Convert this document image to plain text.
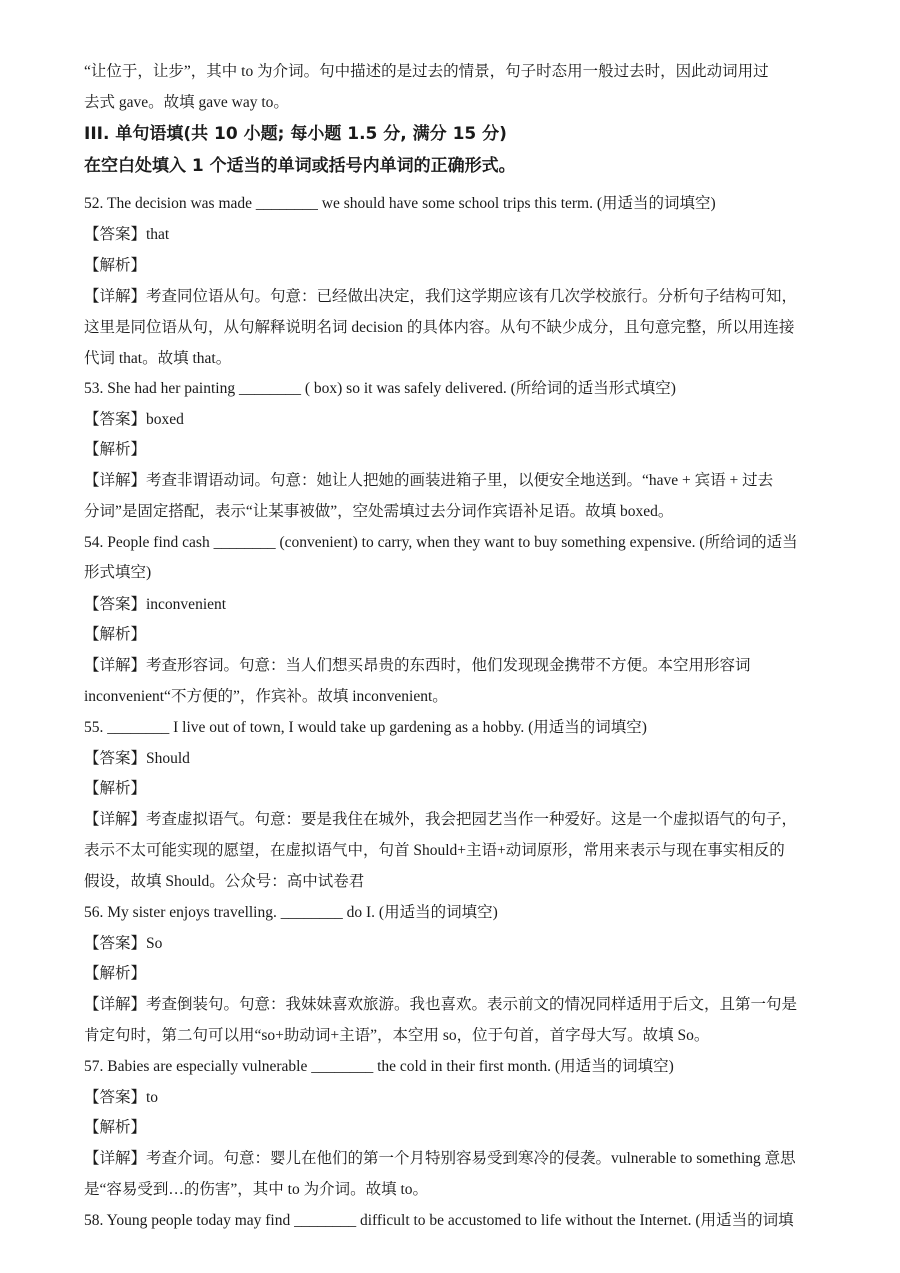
“让位于，让步”，其中 to 为介词。句中描述的是过去的情景，句子时态用一般过去时，因此动词用过
去式 gave。故填 gave way to。
III. 单句语填(共 10 小题; 每小题 1.5 分, 满分 15 分)
在空白处填入 1 个适当的单词或括号内单词的正确形式。
52. The decision was made ________ we should have some school trips this term. (用适当的词填空)
【答案】that
【解析】
【详解】考查同位语从句。句意：已经做出决定，我们这学期应该有几次学校旅行。分析句子结构可知，
这里是同位语从句，从句解释说明名词 decision 的具体内容。从句不缺少成分，且句意完整，所以用连接
代词 that。故填 that。
53. She had her painting ________ ( box) so it was safely delivered. (所给词的适当形式填空)
【答案】boxed
【解析】
【详解】考查非谓语动词。句意：她让人把她的画装进箱子里，以便安全地送到。“have + 宾语 + 过去
分词”是固定搭配，表示“让某事被做”，空处需填过去分词作宾语补足语。故填 boxed。
54. People find cash ________ (convenient) to carry, when they want to buy something expensive. (所给词的适当
形式填空)
【答案】inconvenient
【解析】
【详解】考查形容词。句意：当人们想买昂贵的东西时，他们发现现金携带不方便。本空用形容词
inconvenient“不方便的”，作宾补。故填 inconvenient。
55. ________ I live out of town, I would take up gardening as a hobby. (用适当的词填空)
【答案】Should
【解析】
【详解】考查虚拟语气。句意：要是我住在城外，我会把园艺当作一种爱好。这是一个虚拟语气的句子，
表示不太可能实现的愿望，在虚拟语气中，句首 Should+主语+动词原形，常用来表示与现在事实相反的
假设，故填 Should。公众号：高中试卷君
56. My sister enjoys travelling. ________ do I. (用适当的词填空)
【答案】So
【解析】
【详解】考查倒装句。句意：我妹妹喜欢旅游。我也喜欢。表示前文的情况同样适用于后文，且第一句是
肯定句时，第二句可以用“so+助动词+主语”，本空用 so，位于句首，首字母大写。故填 So。
57. Babies are especially vulnerable ________ the cold in their first month. (用适当的词填空)
【答案】to
【解析】
【详解】考查介词。句意：婴儿在他们的第一个月特别容易受到寒冷的侵袭。vulnerable to something 意思
是“容易受到…的伤害”，其中 to 为介词。故填 to。
58. Young people today may find ________ difficult to be accustomed to life without the Internet. (用适当的词填
